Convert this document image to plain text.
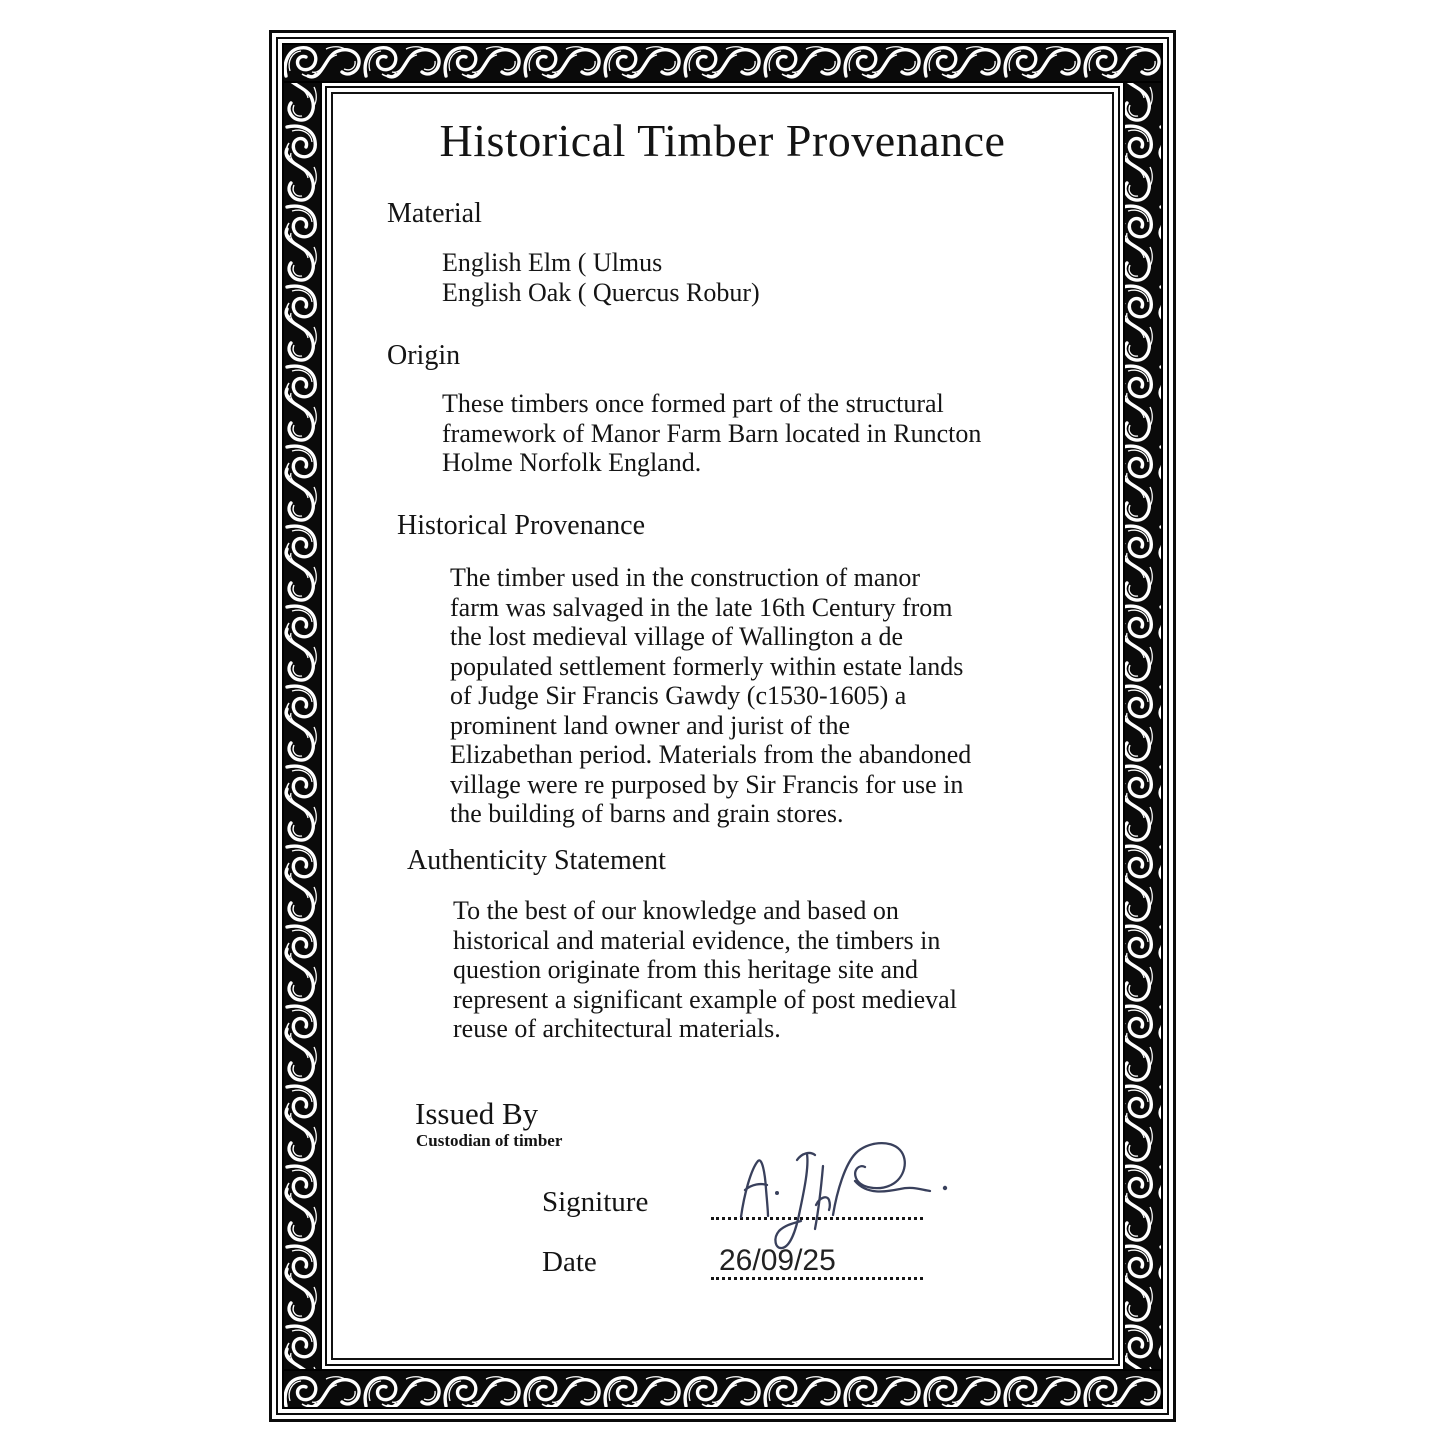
Historical Timber Provenance
Material
English Elm ( Ulmus
English Oak ( Quercus Robur)
Origin
These timbers once formed part of the structural
framework of Manor Farm Barn located in Runcton
Holme Norfolk England.
Historical Provenance
The timber used in the construction of manor
farm was salvaged in the late 16th Century from
the lost medieval village of Wallington a de
populated settlement formerly within estate lands
of Judge Sir Francis Gawdy (c1530-1605) a
prominent land owner and jurist of the
Elizabethan period. Materials from the abandoned
village were re purposed by Sir Francis for use in
the building of barns and grain stores.
Authenticity Statement
To the best of our knowledge and based on
historical and material evidence, the timbers in
question originate from this heritage site and
represent a significant example of post medieval
reuse of architectural materials.
Issued By
Custodian of timber
Signiture
Date	26/09/25
